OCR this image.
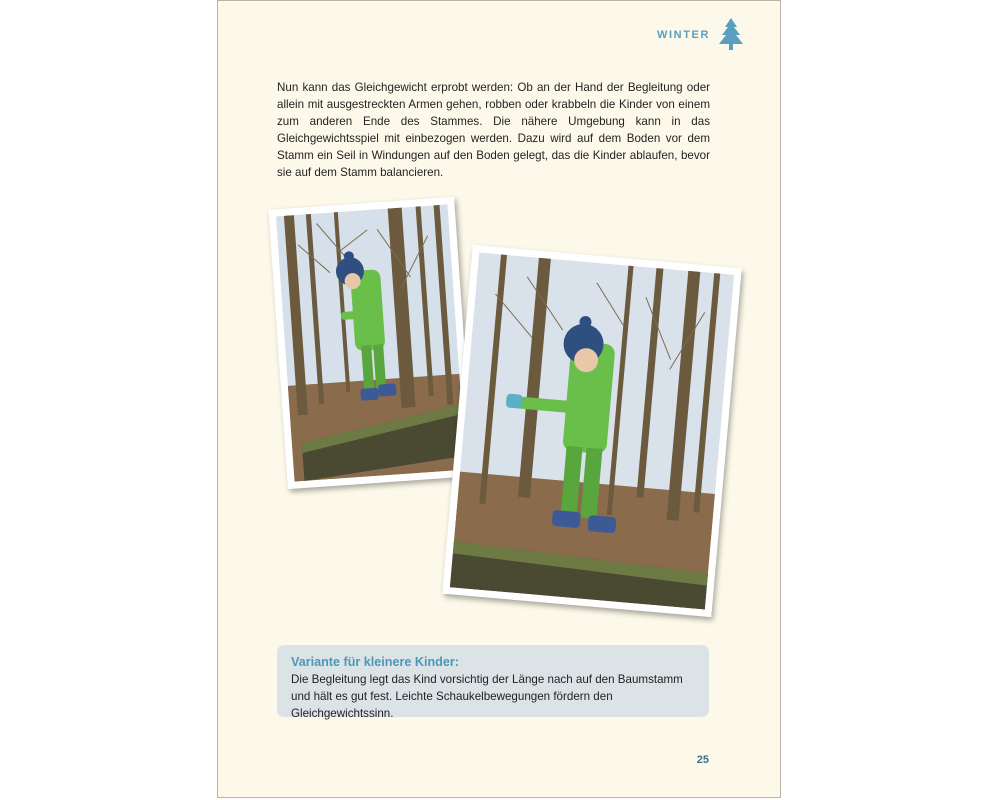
WINTER

Nun kann das Gleichgewicht erprobt werden: Ob an der Hand der Begleitung oder allein mit ausgestreckten Armen gehen, robben oder krabbeln die Kinder von einem zum anderen Ende des Stammes. Die nähere Umgebung kann in das Gleichgewichtsspiel mit einbezogen werden. Dazu wird auf dem Boden vor dem Stamm ein Seil in Windungen auf den Boden gelegt, das die Kinder ablaufen, bevor sie auf dem Stamm balancieren.

Variante für kleinere Kinder:

Die Begleitung legt das Kind vorsichtig der Länge nach auf den Baumstamm und hält es gut fest. Leichte Schaukelbewegungen fördern den Gleichgewichtssinn.

25
